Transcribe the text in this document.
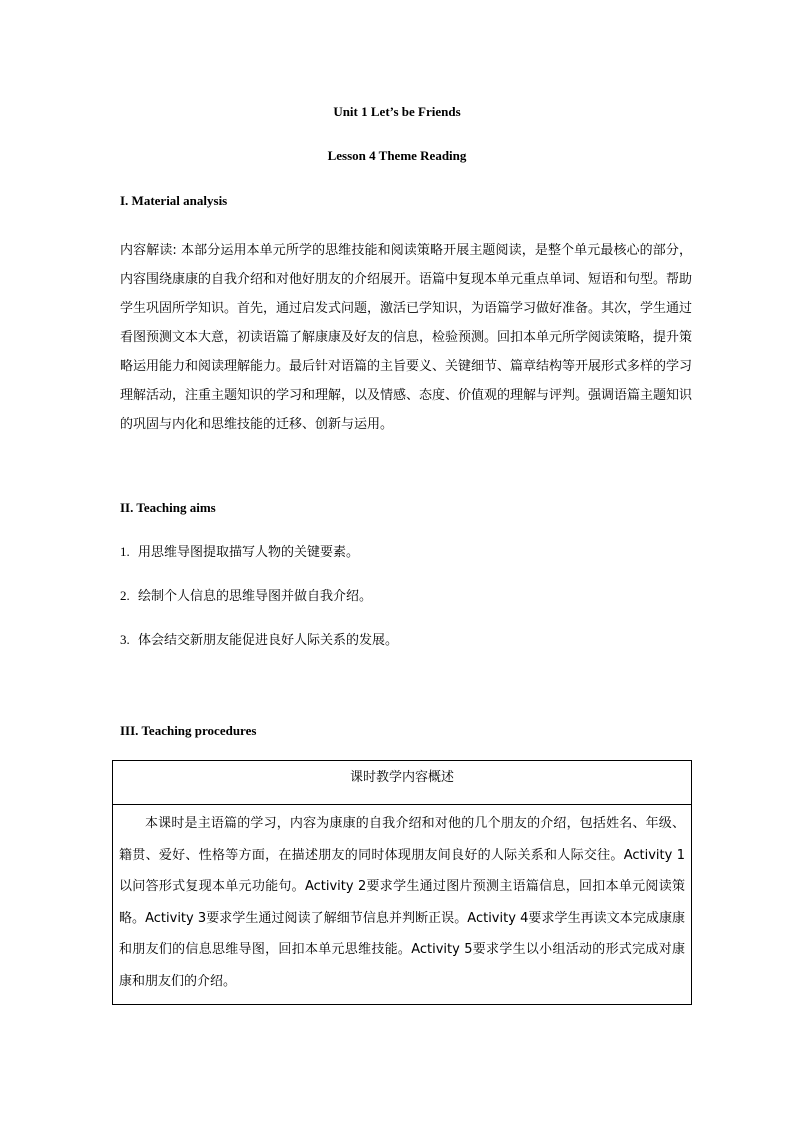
Unit 1 Let’s be Friends
Lesson 4 Theme Reading
I. Material analysis

内容解读: 本部分运用本单元所学的思维技能和阅读策略开展主题阅读，是整个单元最核心的部分，内容围绕康康的自我介绍和对他好朋友的介绍展开。语篇中复现本单元重点单词、短语和句型。帮助学生巩固所学知识。首先，通过启发式问题，激活已学知识，为语篇学习做好准备。其次，学生通过看图预测文本大意，初读语篇了解康康及好友的信息，检验预测。回扣本单元所学阅读策略，提升策略运用能力和阅读理解能力。最后针对语篇的主旨要义、关键细节、篇章结构等开展形式多样的学习理解活动，注重主题知识的学习和理解，以及情感、态度、价值观的理解与评判。强调语篇主题知识的巩固与内化和思维技能的迁移、创新与运用。

II. Teaching aims
1. 用思维导图提取描写人物的关键要素。
2. 绘制个人信息的思维导图并做自我介绍。
3. 体会结交新朋友能促进良好人际关系的发展。
III. Teaching procedures
课时教学内容概述

本课时是主语篇的学习，内容为康康的自我介绍和对他的几个朋友的介绍，包括姓名、年级、籍贯、爱好、性格等方面，在描述朋友的同时体现朋友间良好的人际关系和人际交往。Activity 1以问答形式复现本单元功能句。Activity 2要求学生通过图片预测主语篇信息，回扣本单元阅读策略。Activity 3要求学生通过阅读了解细节信息并判断正误。Activity 4要求学生再读文本完成康康和朋友们的信息思维导图，回扣本单元思维技能。Activity 5要求学生以小组活动的形式完成对康康和朋友们的介绍。
